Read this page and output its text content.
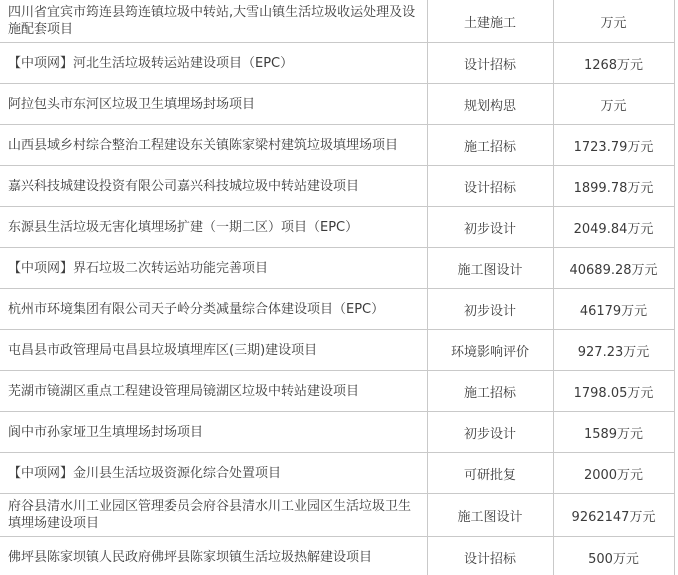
四川省宜宾市筠连县筠连镇垃圾中转站,大雪山镇生活垃圾收运处理及设施配套项目	土建施工	万元
【中项网】河北生活垃圾转运站建设项目（EPC）	设计招标	1268万元
阿拉包头市东河区垃圾卫生填埋场封场项目	规划构思	万元
山西县域乡村综合整治工程建设东关镇陈家梁村建筑垃圾填埋场项目	施工招标	1723.79万元
嘉兴科技城建设投资有限公司嘉兴科技城垃圾中转站建设项目	设计招标	1899.78万元
东源县生活垃圾无害化填埋场扩建（一期二区）项目（EPC）	初步设计	2049.84万元
【中项网】界石垃圾二次转运站功能完善项目	施工图设计	40689.28万元
杭州市环境集团有限公司天子岭分类减量综合体建设项目（EPC）	初步设计	46179万元
屯昌县市政管理局屯昌县垃圾填埋库区(三期)建设项目	环境影响评价	927.23万元
芜湖市镜湖区重点工程建设管理局镜湖区垃圾中转站建设项目	施工招标	1798.05万元
阆中市孙家垭卫生填埋场封场项目	初步设计	1589万元
【中项网】金川县生活垃圾资源化综合处置项目	可研批复	2000万元
府谷县清水川工业园区管理委员会府谷县清水川工业园区生活垃圾卫生填埋场建设项目	施工图设计	9262147万元
佛坪县陈家坝镇人民政府佛坪县陈家坝镇生活垃圾热解建设项目	设计招标	500万元
